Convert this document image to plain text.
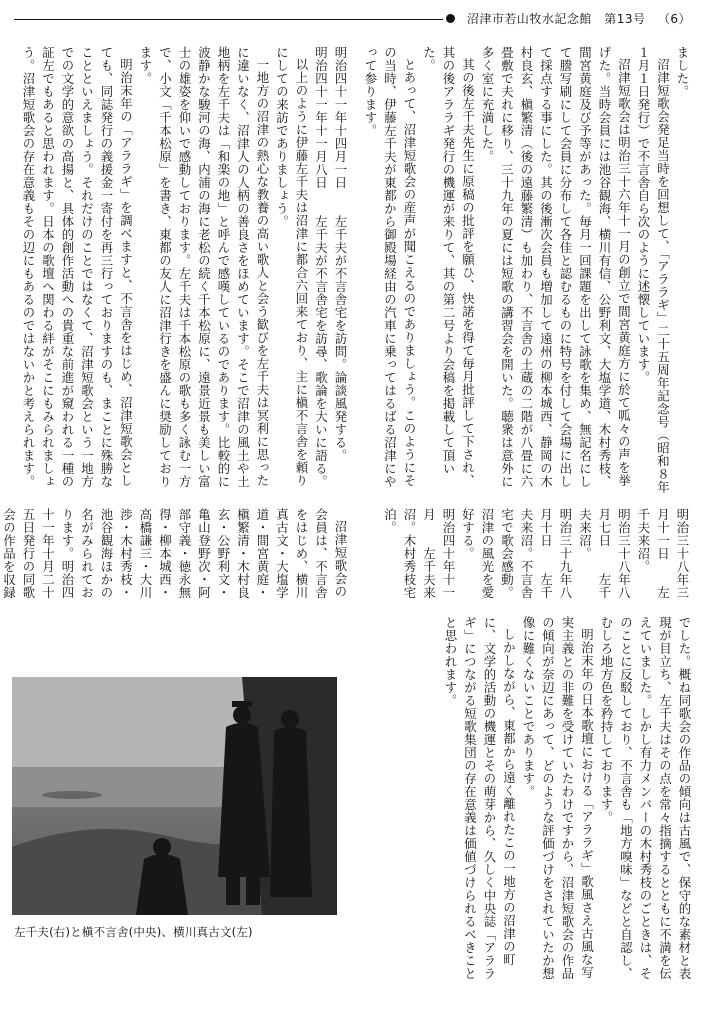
沼津市若山牧水記念館 第13号 （6）

ました。

沼津短歌会発足当時を回想して、「アララギ」二十五周年記念号（昭和８年１月１日発行）で不言舎自ら次のように述懐しています。

沼津短歌会は明治三十六年十一月の創立で間宮黄庭方に於て呱々の声を挙げた。当時会員には池谷観海、横川有信、公野利文、大塩学道、木村秀枝、間宮黄庭及び予等があった。毎月一回課題を出して詠歌を集め、無記名にして謄写刷にして会員に分布して各佳と認むるものに特号を付して会場に出して採点する事にした。其の後漸次会員も増加して遠州の柳本城西、静岡の木村良玄、槇繁清（後の遠藤繁清）も加わり、不言舎の土蔵の二階が八畳に六畳敷で夫れに移り、三十九年の夏には短歌の講習会を開いた。聴衆は意外に多く室に充満した。

其の後左千夫先生に原稿の批評を願ひ、快諾を得て毎月批評して下され、其の後アララギ発行の機運が来りて、其の第二号より会稿を掲載して頂いた。

とあって、沼津短歌会の産声が聞こえるのでありましょう。このようにその当時、伊藤左千夫が東都から御殿場経由の汽車に乗ってはるばる沼津にやって参ります。

明治四十一年十四月一日　　左千夫が不言舎宅を訪問。論談風発する。

明治四十一年十一月八日　　左千夫が不言舎宅を訪尋、歌論を大いに語る。

以上のように伊藤左千夫は沼津に都合六回来ており、主に槇不言舎を頼りにしての来訪でありましょう。

一地方の沼津の熱心な教養の高い歌人と会う歓びを左千夫は冥利に思ったに違いなく、沼津人の人柄の善良さをほめています。そこで沼津の風土や土地柄を左千夫は「和楽の地」と呼んで感嘆しているのであります。比較的に波静かな駿河の海、内浦の海に老松の続く千本松原に、遠景近景も美しい富士の雄姿を仰いで感動しております。左千夫は千本松原の歌も多く詠む一方で、小文「千本松原」を書き、東都の友人に沼津行きを盛んに奨励しております。

明治末年の「アララギ」を調べますと、不言舎をはじめ、沼津短歌会としても、同誌発行の義援金一寄付を再三行っておりますのも、まことに殊勝なことといえましょう。それだけのことではなくて、沼津短歌会という一地方での文学的意欲の高揚と、具体的創作活動への貴重な前進が窺われる一種の証左でもあると思われます。日本の歌壇へ関わる絆がそこにもみられましょう。沼津短歌会の存在意義もその辺にもあるのではないかと考えられます。

明治三十八年三月十一日　　左千夫来沼。
明治三十八年八月七日　　左千夫来沼。
明治三十九年八月十日　　左千夫来沼。不言舎宅で歌会感動。沼津の風光を愛好する。
明治四十年十一月　　左千夫来沼。木村秀枝宅泊。

沼津短歌会の会員は、不言舎をはじめ、横川真古文・大塩学道・間宮黄庭・槇繁清・木村良玄・公野利文・亀山登野次・阿部守義・徳永無得・柳本城西・高橋謙三・大川渉・木村秀枝・池谷観海ほかの名がみられております。明治四十一年十月二十五日発行の同歌会の作品を収録

でした。概ね同歌会の作品の傾向は古風で、保守的な素材と表現が目立ち、左千夫はその点を常々指摘するとともに不満を伝えていました。しかし有力メンバーの木村秀枝のごときは、そのことに反駁しており、不言舎も「地方嗅味」などと自認し、むしろ地方色を矜持しております。

明治末年の日本歌壇における「アララギ」歌風さえ古風な写実主義との非難を受けていたわけですから、沼津短歌会の作品の傾向が奈辺にあって、どのような評価づけをされていたか想像に難くないことであります。

しかしながら、東都から遠く離れたこの一地方の沼津の町に、文学的活動の機運とその萌芽から、久しく中央誌「アララギ」につながる短歌集団の存在意義は価値づけられるべきことと思われます。

左千夫(右)と槇不言舎(中央)、横川真古文(左)
